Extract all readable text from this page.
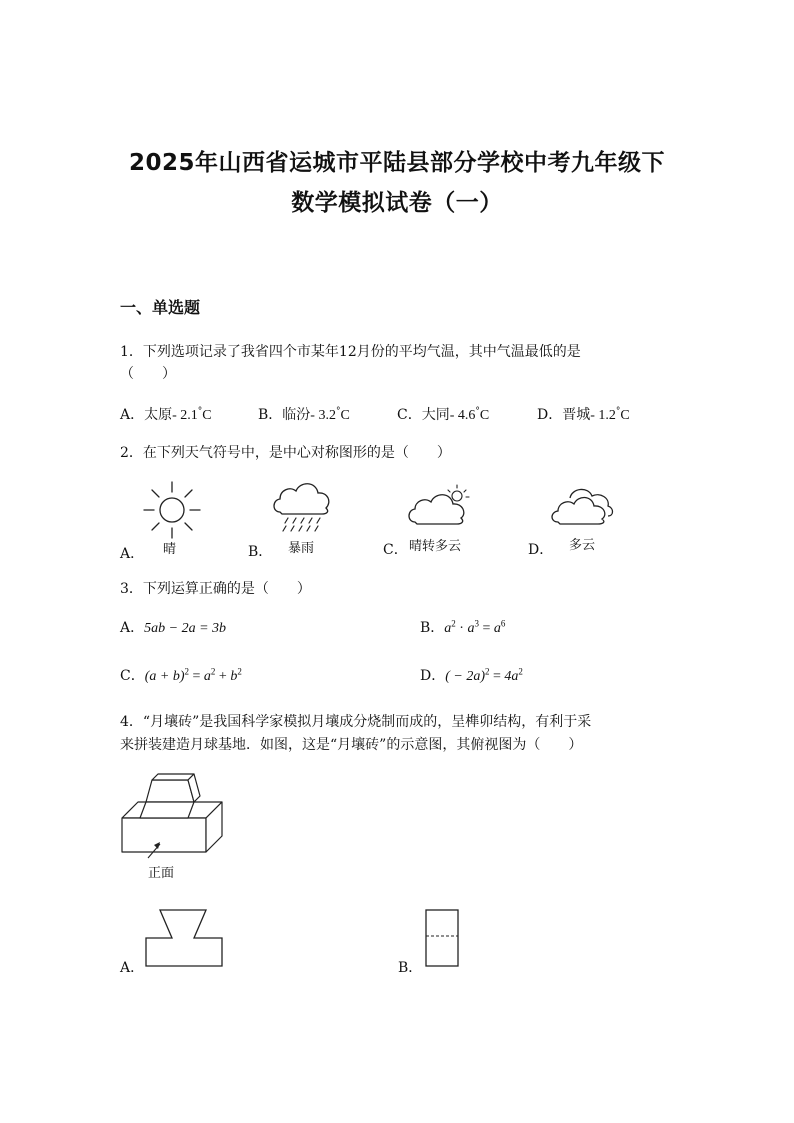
2025年山西省运城市平陆县部分学校中考九年级下
数学模拟试卷（一）
一、单选题
1．下列选项记录了我省四个市某年12月份的平均气温，其中气温最低的是
（　　）
A．太原- 2.1°C	B．临汾- 3.2°C	C．大同- 4.6°C	D．晋城- 1.2°C
2．在下列天气符号中，是中心对称图形的是（　　）
A． 晴	B． 暴雨	C． 晴转多云	D． 多云
3．下列运算正确的是（　　）
A．5ab − 2a = 3b	B．$a^2 \cdot a^3 = a^6$
C．$(a + b)^2 = a^2 + b^2$	D．( − $2a)^2 = 4a^2$
4．“月壤砖”是我国科学家模拟月壤成分烧制而成的，呈榫卯结构，有利于采
来拼装建造月球基地．如图，这是“月壤砖”的示意图，其俯视图为（　　）
正面
A．	B．
